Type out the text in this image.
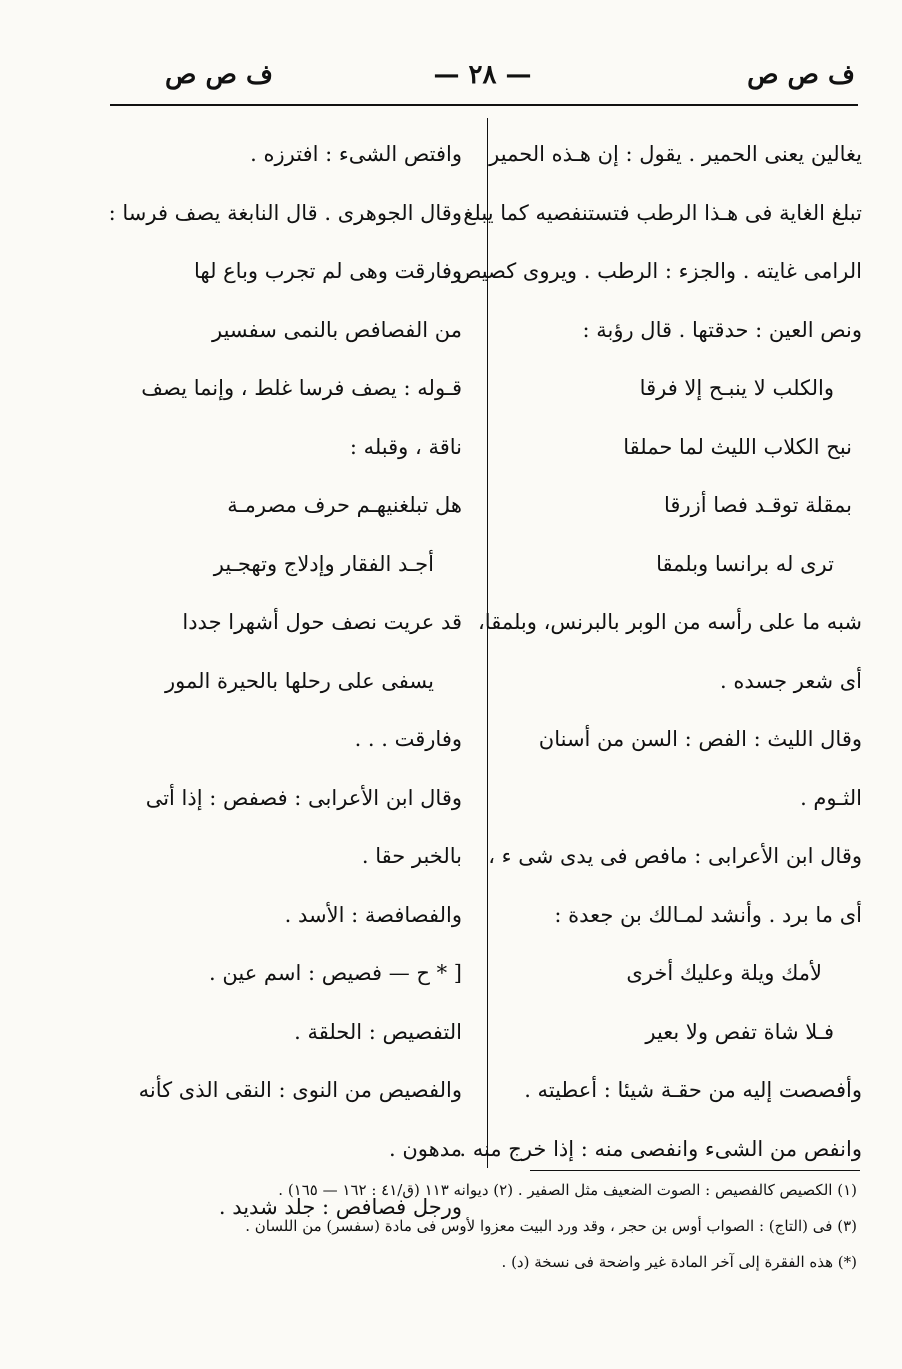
ف ص ص
— ٢٨ —
ف ص ص
يغالين يعنى الحمير . يقول : إن هـذه الحمير
تبلغ الغاية فى هـذا الرطب فتستنفصيه كما يبلغ
الرامى غايته . والجزء : الرطب . ويروى كصيص .
ونص العين : حدقتها . قال رؤبة :
والكلب لا ينبـح إلا فرقا
نبح الكلاب الليث لما حملقا
بمقلة توقـد فصا أزرقا
ترى له برانسا وبلمقا
شبه ما على رأسه من الوبر بالبرنس، وبلمقا،
أى شعر جسده .
وقال الليث : الفص : السن من أسنان
الثـوم .
وقال ابن الأعرابى : مافص فى يدى شى ء ،
أى ما برد . وأنشد لمـالك بن جعدة :
لأمك ويلة وعليك أخرى
فـلا شاة تفص ولا بعير
وأفصصت إليه من حقـة شيئا : أعطيته .
وانفص من الشىء وانفصى منه : إذا خرج منه .
وافتص الشىء : افترزه .
وقال الجوهرى . قال النابغة يصف فرسا :
وفارقت وهى لم تجرب وباع لها
من الفصافص بالنمى سفسير
قـوله : يصف فرسا غلط ، وإنما يصف
ناقة ، وقبله :
هل تبلغنيهـم حرف مصرمـة
أجـد الفقار وإدلاج وتهجـير
قد عريت نصف حول أشهرا جددا
يسفى على رحلها بالحيرة المور
وفارقت . . .
وقال ابن الأعرابى : فصفص : إذا أتى
بالخبر حقا .
والفصافصة : الأسد .
[ * ح — فصيص : اسم عين .
التفصيص : الحلقة .
والفصيص من النوى : النقى الذى كأنه
مدهون .
ورجل فصافص : جلد شديد .
(١) الكصيص كالفصيص : الصوت الضعيف مثل الصفير . (٢) ديوانه ١١٣ (ق/٤١ : ١٦٢ — ١٦٥) .
(٣) فى (التاج) : الصواب أوس بن حجر ، وقد ورد البيت معزوا لأوس فى مادة (سفسر) من اللسان .
(*) هذه الفقرة إلى آخر المادة غير واضحة فى نسخة (د) .
